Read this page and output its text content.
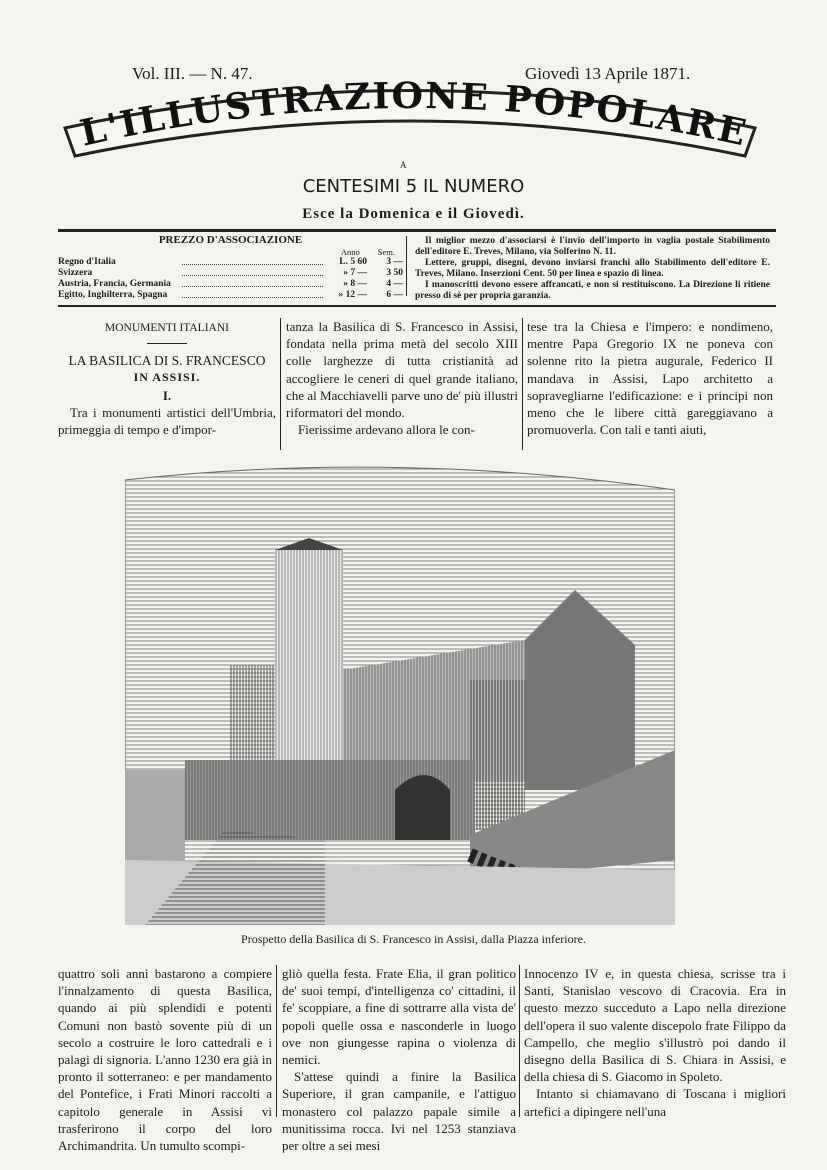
Vol. III. — N. 47.	Giovedì 13 Aprile 1871.
L'ILLUSTRAZIONE POPOLARE
A
CENTESIMI 5 IL NUMERO
Esce la Domenica e il Giovedì.
PREZZO D'ASSOCIAZIONE
Anno Sem.
Regno d'Italia	L. 5 60	3 —
Svizzera	» 7 —	3 50
Austria, Francia, Germania	» 8 —	4 —
Egitto, Inghilterra, Spagna	» 12 —	6 —

Il miglior mezzo d'associarsi è l'invio dell'importo in vaglia postale Stabilimento dell'editore E. Treves, Milano, via Solferino N. 11.

Lettere, gruppi, disegni, devono inviarsi franchi allo Stabilimento dell'editore E. Treves, Milano. Inserzioni Cent. 50 per linea e spazio di linea.

I manoscritti devono essere affrancati, e non si restituiscono. La Direzione li ritiene presso di sè per propria garanzia.

MONUMENTI ITALIANI
LA BASILICA DI S. FRANCESCO
IN ASSISI.
I.

Tra i monumenti artistici dell'Umbria, primeggia di tempo e d'impor-

tanza la Basilica di S. Francesco in Assisi, fondata nella prima metà del secolo XIII colle larghezze di tutta cristianità ad accogliere le ceneri di quel grande italiano, che al Macchiavelli parve uno de' più illustri riformatori del mondo.

Fierissime ardevano allora le con-

tese tra la Chiesa e l'impero: e nondimeno, mentre Papa Gregorio IX ne poneva con solenne rito la pietra augurale, Federico II mandava in Assisi, Lapo architetto a sopravegliarne l'edificazione: e i principi non meno che le libere città gareggiavano a promuoverla. Con tali e tanti aiuti,

Prospetto della Basilica di S. Francesco in Assisi, dalla Piazza inferiore.

quattro soli anni bastarono a compiere l'innalzamento di questa Basilica, quando ai più splendidi e potenti Comuni non bastò sovente più di un secolo a costruire le loro cattedrali e i palagi di signoria. L'anno 1230 era già in pronto il sotterraneo: e per mandamento del Pontefice, i Frati Minori raccolti a capitolo generale in Assisi vi trasferirono il corpo del loro Archimandrita. Un tumulto scompi-

gliò quella festa. Frate Elia, il gran politico de' suoi tempi, d'intelligenza co' cittadini, il fe' scoppiare, a fine di sottrarre alla vista de' popoli quelle ossa e nasconderle in luogo ove non giungesse rapina o violenza di nemici.

S'attese quindi a finire la Basilica Superiore, il gran campanile, e l'attiguo monastero col palazzo papale simile a munitissima rocca. Ivi nel 1253 stanziava per oltre a sei mesi

Innocenzo IV e, in questa chiesa, scrisse tra i Santi, Stanislao vescovo di Cracovia. Era in questo mezzo succeduto a Lapo nella direzione dell'opera il suo valente discepolo frate Filippo da Campello, che meglio s'illustrò poi dando il disegno della Basilica di S. Chiara in Assisi, e della chiesa di S. Giacomo in Spoleto.

Intanto si chiamavano di Toscana i migliori artefici a dipingere nell'una
